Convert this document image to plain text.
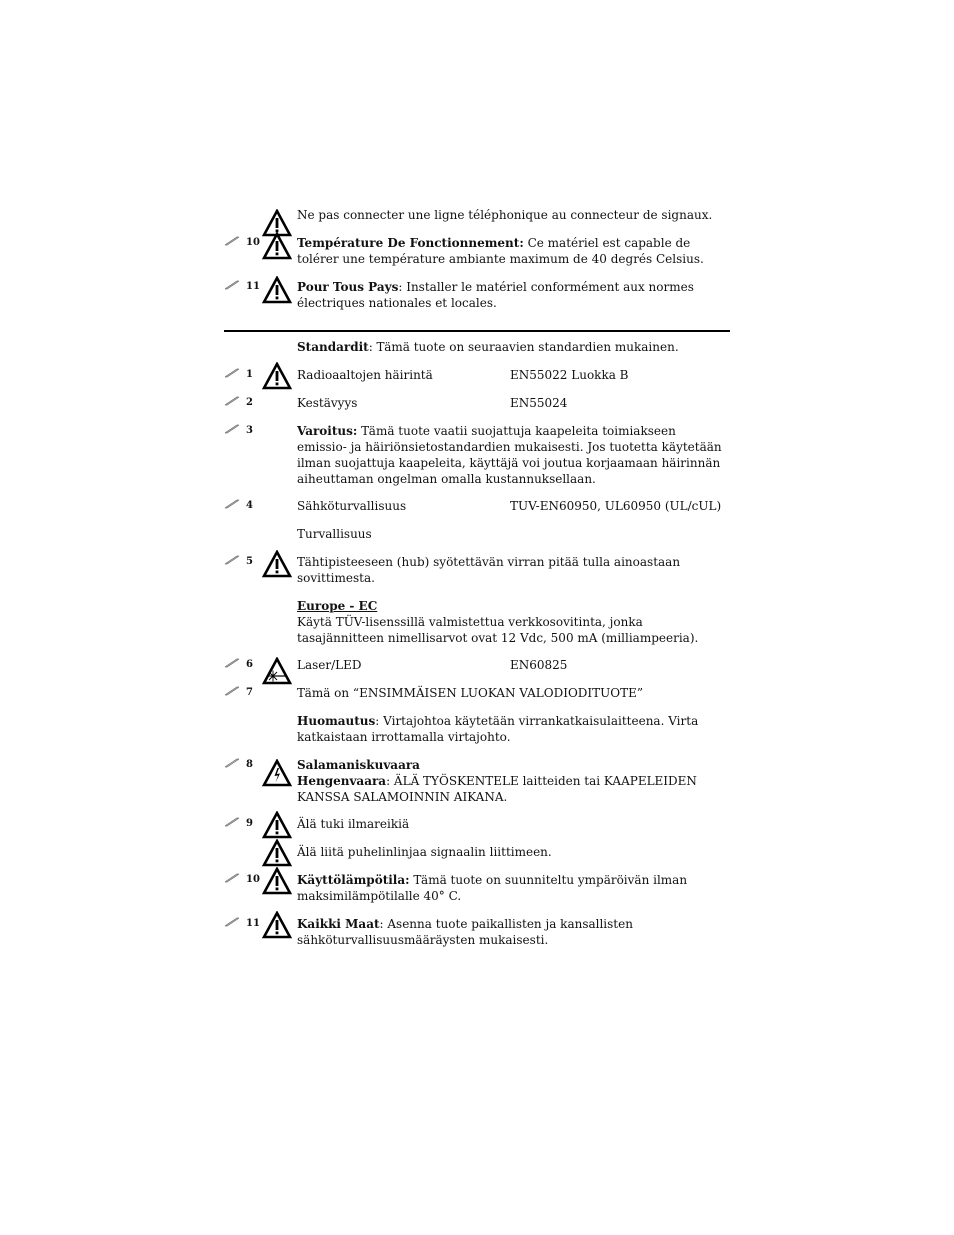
Ne pas connecter une ligne téléphonique au connecteur de signaux.
10	Température De Fonctionnement: Ce matériel est capable de tolérer une température ambiante maximum de 40 degrés Celsius.
11	Pour Tous Pays: Installer le matériel conformément aux normes électriques nationales et locales.
Standardit: Tämä tuote on seuraavien standardien mukainen.
1	Radioaaltojen häirintä	EN55022 Luokka B
2	Kestävyys	EN55024
3	Varoitus: Tämä tuote vaatii suojattuja kaapeleita toimiakseen emissio- ja häiriönsietostandardien mukaisesti. Jos tuotetta käytetään ilman suojattuja kaapeleita, käyttäjä voi joutua korjaamaan häirinnän aiheuttaman ongelman omalla kustannuksellaan.
4	Sähköturvallisuus	TUV-EN60950, UL60950 (UL/cUL)
Turvallisuus
5	Tähtipisteeseen (hub) syötettävän virran pitää tulla ainoastaan sovittimesta.
Europe - EC
Käytä TÜV-lisenssillä valmistettua verkkosovitinta, jonka tasajännitteen nimellisarvot ovat 12 Vdc, 500 mA (milliampeeria).
6	Laser/LED	EN60825
7	Tämä on “ENSIMMÄISEN LUOKAN VALODIODITUOTE”
Huomautus: Virtajohtoa käytetään virrankatkaisulaitteena. Virta katkaistaan irrottamalla virtajohto.
8	Salamaniskuvaara
Hengenvaara: ÄLÄ TYÖSKENTELE laitteiden tai KAAPELEIDEN KANSSA SALAMOINNIN AIKANA.
9	Älä tuki ilmareikiä
Älä liitä puhelinlinjaa signaalin liittimeen.
10	Käyttölämpötila: Tämä tuote on suunniteltu ympäröivän ilman maksimilämpötilalle 40° C.
11	Kaikki Maat: Asenna tuote paikallisten ja kansallisten sähköturvallisuusmääräysten mukaisesti.
